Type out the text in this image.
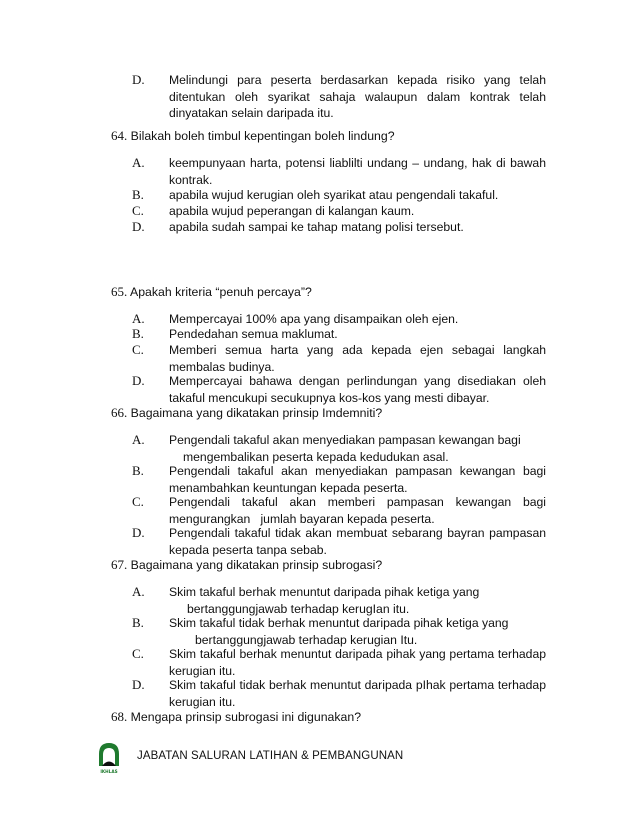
D.	Melindungi para peserta berdasarkan kepada risiko yang telah ditentukan oleh syarikat sahaja walaupun dalam kontrak telah dinyatakan selain daripada itu.
64. Bilakah boleh timbul kepentingan boleh lindung?
A.	keempunyaan harta, potensi liablilti undang – undang, hak di bawah kontrak.
B.	apabila wujud kerugian oleh syarikat atau pengendali takaful.
C.	apabila wujud peperangan di kalangan kaum.
D.	apabila sudah sampai ke tahap matang polisi tersebut.
65. Apakah kriteria “penuh percaya”?
A.	Mempercayai 100% apa yang disampaikan oleh ejen.
B.	Pendedahan semua maklumat.
C.	Memberi semua harta yang ada kepada ejen sebagai langkah membalas budinya.
D.	Mempercayai bahawa dengan perlindungan yang disediakan oleh takaful mencukupi secukupnya kos-kos yang mesti dibayar.
66. Bagaimana yang dikatakan prinsip Imdemniti?
A.	Pengendali takaful akan menyediakan pampasan kewangan bagi
mengembalikan peserta kepada kedudukan asal.
B.	Pengendali takaful akan menyediakan pampasan kewangan bagi menambahkan keuntungan kepada peserta.
C.	Pengendali takaful akan memberi pampasan kewangan bagi mengurangkan   jumlah bayaran kepada peserta.
D.	Pengendali takaful tidak akan membuat sebarang bayran pampasan kepada peserta tanpa sebab.
67. Bagaimana yang dikatakan prinsip subrogasi?
A.	Skim takaful berhak menuntut daripada pihak ketiga yang
bertanggungjawab terhadap kerugIan itu.
B.	Skim takaful tidak berhak menuntut daripada pihak ketiga yang
bertanggungjawab terhadap kerugian Itu.
C.	Skim takaful berhak menuntut daripada pihak yang pertama terhadap kerugian itu.
D.	Skim takaful tidak berhak menuntut daripada pIhak pertama terhadap kerugian itu.
68. Mengapa prinsip subrogasi ini digunakan?
IKHLAS
JABATAN SALURAN LATIHAN & PEMBANGUNAN
